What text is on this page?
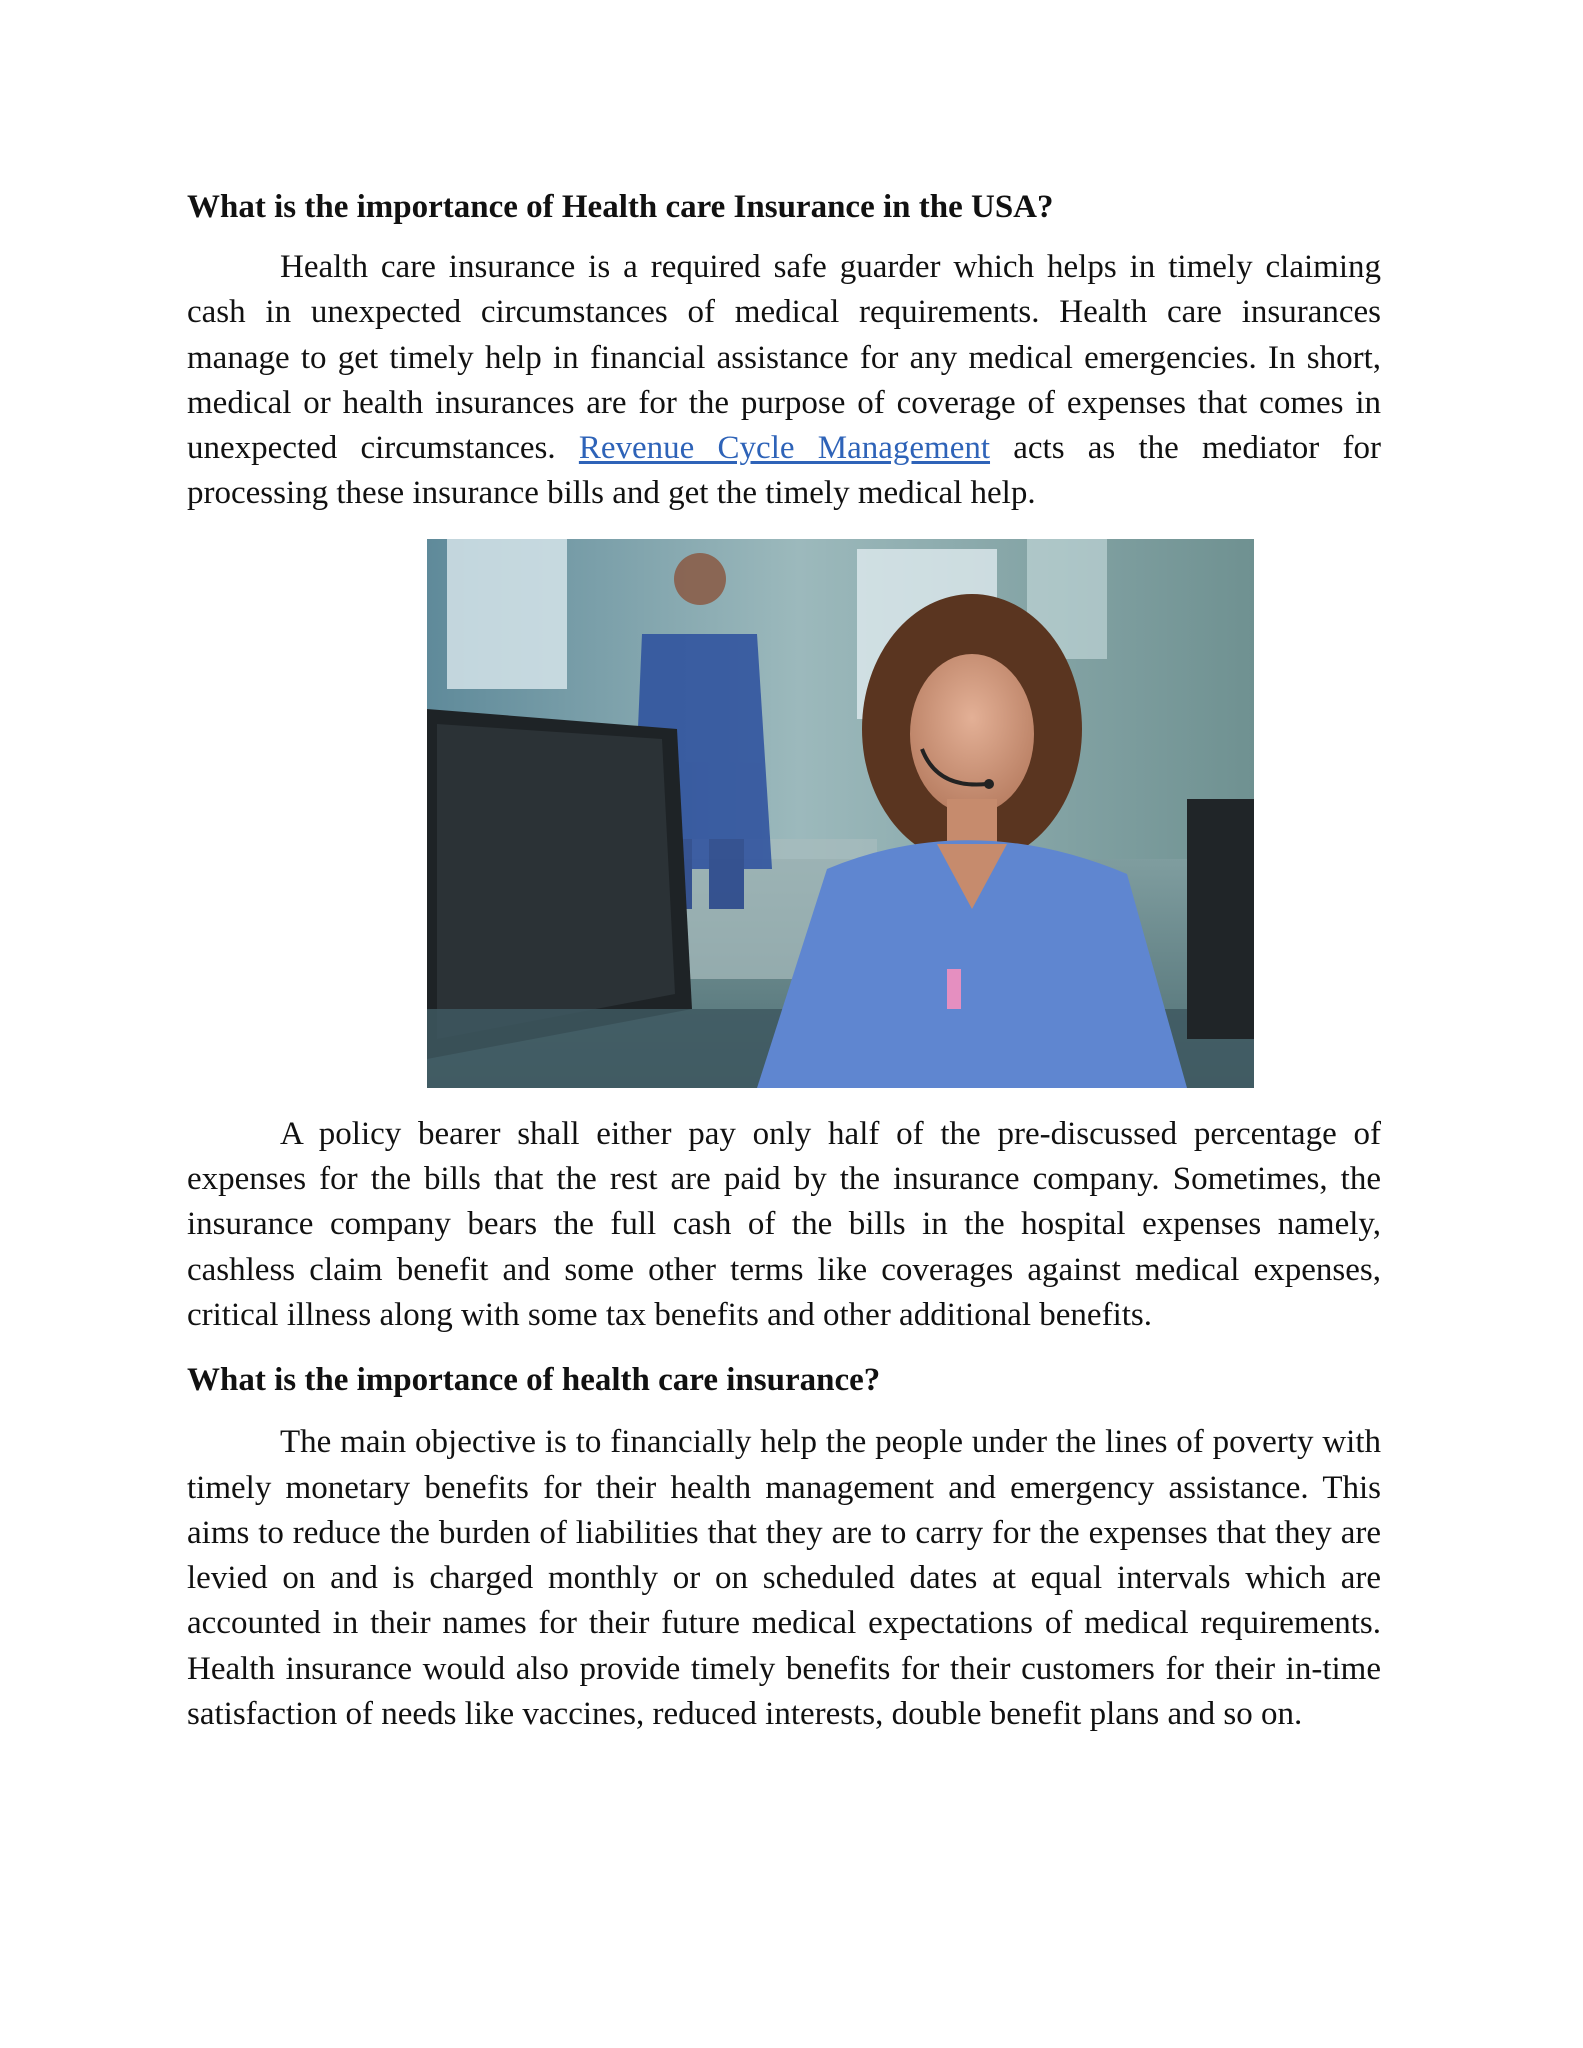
What is the importance of Health care Insurance in the USA?

Health care insurance is a required safe guarder which helps in timely claiming cash in unexpected circumstances of medical requirements. Health care insurances manage to get timely help in financial assistance for any medical emergencies. In short, medical or health insurances are for the purpose of coverage of expenses that comes in unexpected circumstances. Revenue Cycle Management acts as the mediator for processing these insurance bills and get the timely medical help.

A policy bearer shall either pay only half of the pre-discussed percentage of expenses for the bills that the rest are paid by the insurance company. Sometimes, the insurance company bears the full cash of the bills in the hospital expenses namely, cashless claim benefit and some other terms like coverages against medical expenses, critical illness along with some tax benefits and other additional benefits.

What is the importance of health care insurance?

The main objective is to financially help the people under the lines of poverty with timely monetary benefits for their health management and emergency assistance. This aims to reduce the burden of liabilities that they are to carry for the expenses that they are levied on and is charged monthly or on scheduled dates at equal intervals which are accounted in their names for their future medical expectations of medical requirements. Health insurance would also provide timely benefits for their customers for their in-time satisfaction of needs like vaccines, reduced interests, double benefit plans and so on.
